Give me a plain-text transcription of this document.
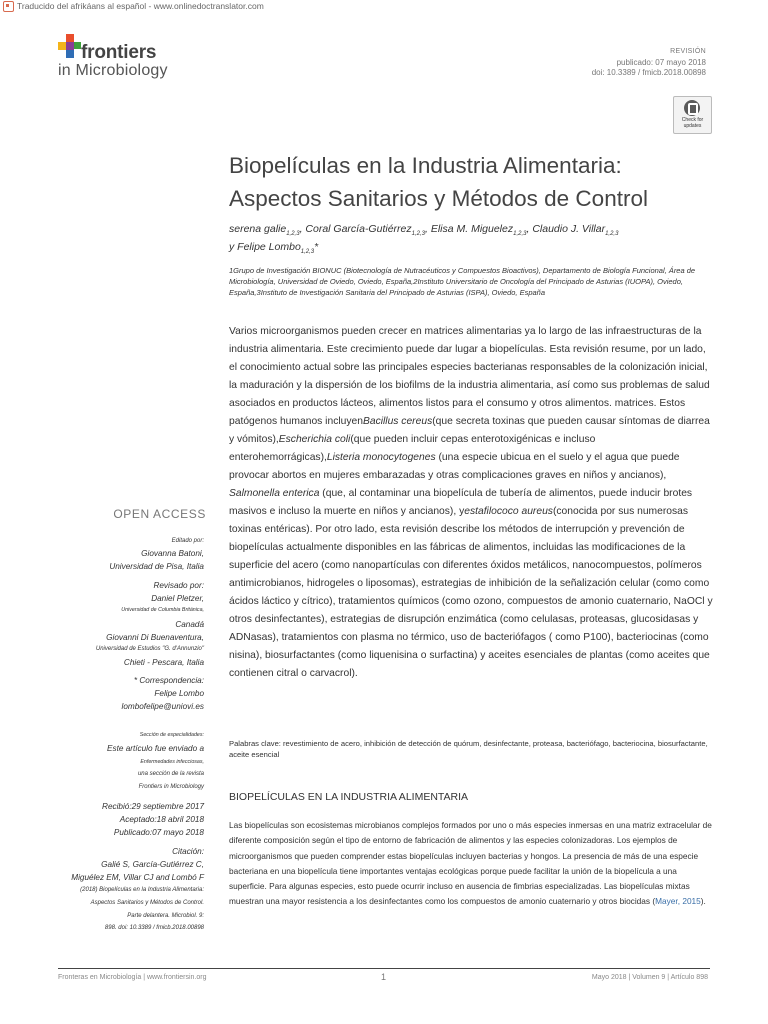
Traducido del afrikáans al español - www.onlinedoctranslator.com
frontiers
in Microbiology
REVISIÓN
publicado: 07 mayo 2018
doi: 10.3389 / fmicb.2018.00898
Check for
updates
Biopelículas en la Industria Alimentaria:
Aspectos Sanitarios y Métodos de Control
serena galie$_{1,2,3}$, Coral García-Gutiérrez$_{1,2,3}$, Elisa M. Miguelez$_{1,2,3}$, Claudio J. Villar$_{1,2,3}$
y Felipe Lombo$_{1,2,3}$*
1Grupo de Investigación BIONUC (Biotecnología de Nutracéuticos y Compuestos Bioactivos), Departamento de Biología Funcional, Área de Microbiología, Universidad de Oviedo, Oviedo, España,2Instituto Universitario de Oncología del Principado de Asturias (IUOPA), Oviedo, España,3Instituto de Investigación Sanitaria del Principado de Asturias (ISPA), Oviedo, España

Varios microorganismos pueden crecer en matrices alimentarias ya lo largo de las infraestructuras de la industria alimentaria. Este crecimiento puede dar lugar a biopelículas. Esta revisión resume, por un lado, el conocimiento actual sobre las principales especies bacterianas responsables de la colonización inicial, la maduración y la dispersión de los biofilms de la industria alimentaria, así como sus problemas de salud asociados en productos lácteos, alimentos listos para el consumo y otros alimentos. matrices. Estos patógenos humanos incluyenBacillus cereus(que secreta toxinas que pueden causar síntomas de diarrea y vómitos),Escherichia coli(que pueden incluir cepas enterotoxigénicas e incluso enterohemorrágicas),Listeria monocytogenes (una especie ubicua en el suelo y el agua que puede provocar abortos en mujeres embarazadas y otras complicaciones graves en niños y ancianos), Salmonella enterica (que, al contaminar una biopelícula de tubería de alimentos, puede inducir brotes masivos e incluso la muerte en niños y ancianos), yestafilococo aureus(conocida por sus numerosas toxinas entéricas). Por otro lado, esta revisión describe los métodos de interrupción y prevención de biopelículas actualmente disponibles en las fábricas de alimentos, incluidas las modificaciones de la superficie del acero (como nanopartículas con diferentes óxidos metálicos, nanocompuestos, polímeros antimicrobianos, hidrogeles o liposomas), estrategias de inhibición de la señalización celular (como como ácidos láctico y cítrico), tratamientos químicos (como ozono, compuestos de amonio cuaternario, NaOCl y otros desinfectantes), estrategias de disrupción enzimática (como celulasas, proteasas, glucosidasas y ADNasas), tratamientos con plasma no térmico, uso de bacteriófagos ( como P100), bacteriocinas (como nisina), biosurfactantes (como liquenisina o surfactina) y aceites esenciales de plantas (como aceites que contienen citral o carvacrol).

Palabras clave: revestimiento de acero, inhibición de detección de quórum, desinfectante, proteasa, bacteriófago, bacteriocina, biosurfactante, aceite esencial
BIOPELÍCULAS EN LA INDUSTRIA ALIMENTARIA

Las biopelículas son ecosistemas microbianos complejos formados por uno o más especies inmersas en una matriz extracelular de diferente composición según el tipo de entorno de fabricación de alimentos y las especies colonizadoras. Los ejemplos de microorganismos que pueden comprender estas biopelículas incluyen bacterias y hongos. La presencia de más de una especie bacteriana en una biopelícula tiene importantes ventajas ecológicas porque puede facilitar la unión de la biopelícula a una superficie. Para algunas especies, esto puede ocurrir incluso en ausencia de fimbrias especializadas. Las biopelículas mixtas muestran una mayor resistencia a los desinfectantes como los compuestos de amonio cuaternario y otros biocidas (Mayer, 2015).

OPEN ACCESS
Editado por:
Giovanna Batoni,
Universidad de Pisa, Italia
Revisado por:
Daniel Pletzer,
Universidad de Columbia Británica,
Canadá
Giovanni Di Buenaventura,
Universidad de Estudios "G. d'Annunzio"
Chieti - Pescara, Italia
* Correspondencia:
Felipe Lombo
lombofelipe@uniovi.es
Sección de especialidades:
Este artículo fue enviado a
Enfermedades infecciosas,
una sección de la revista
Frontiers in Microbiology
Recibió:29 septiembre 2017
Aceptado:18 abril 2018
Publicado:07 mayo 2018
Citación:
Galié S, García-Gutiérrez C,
Miguélez EM, Villar CJ and Lombó F
(2018) Biopelículas en la Industria Alimentaria:
Aspectos Sanitarios y Métodos de Control.
Parte delantera. Microbiol. 9:
898. doi: 10.3389 / fmicb.2018.00898
Fronteras en Microbiología | www.frontiersin.org	1	Mayo 2018 | Volumen 9 | Artículo 898
